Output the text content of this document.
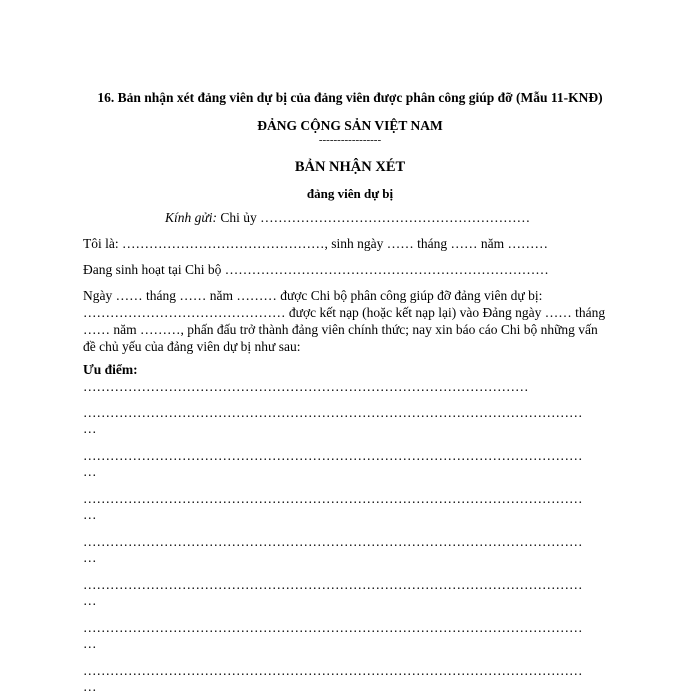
16. Bản nhận xét đảng viên dự bị của đảng viên được phân công giúp đỡ (Mẫu 11-KNĐ)
ĐẢNG CỘNG SẢN VIỆT NAM
-----------------
BẢN NHẬN XÉT
đảng viên dự bị
Kính gửi: Chi ủy ……………………………………………………
Tôi là: ………………………………………, sinh ngày …… tháng …… năm ………
Đang sinh hoạt tại Chi bộ ………………………………………………………………
Ngày …… tháng …… năm ……… được Chi bộ phân công giúp đỡ đảng viên dự bị:
……………………………………… được kết nạp (hoặc kết nạp lại) vào Đảng ngày …… tháng
…… năm ………, phấn đấu trở thành đảng viên chính thức; nay xin báo cáo Chi bộ những vấn
đề chủ yếu của đảng viên dự bị như sau:
Ưu điểm:
………………………………………………………………………………………
…………………………………………………………………………………………………
…
…………………………………………………………………………………………………
…
…………………………………………………………………………………………………
…
…………………………………………………………………………………………………
…
…………………………………………………………………………………………………
…
…………………………………………………………………………………………………
…
…………………………………………………………………………………………………
…
